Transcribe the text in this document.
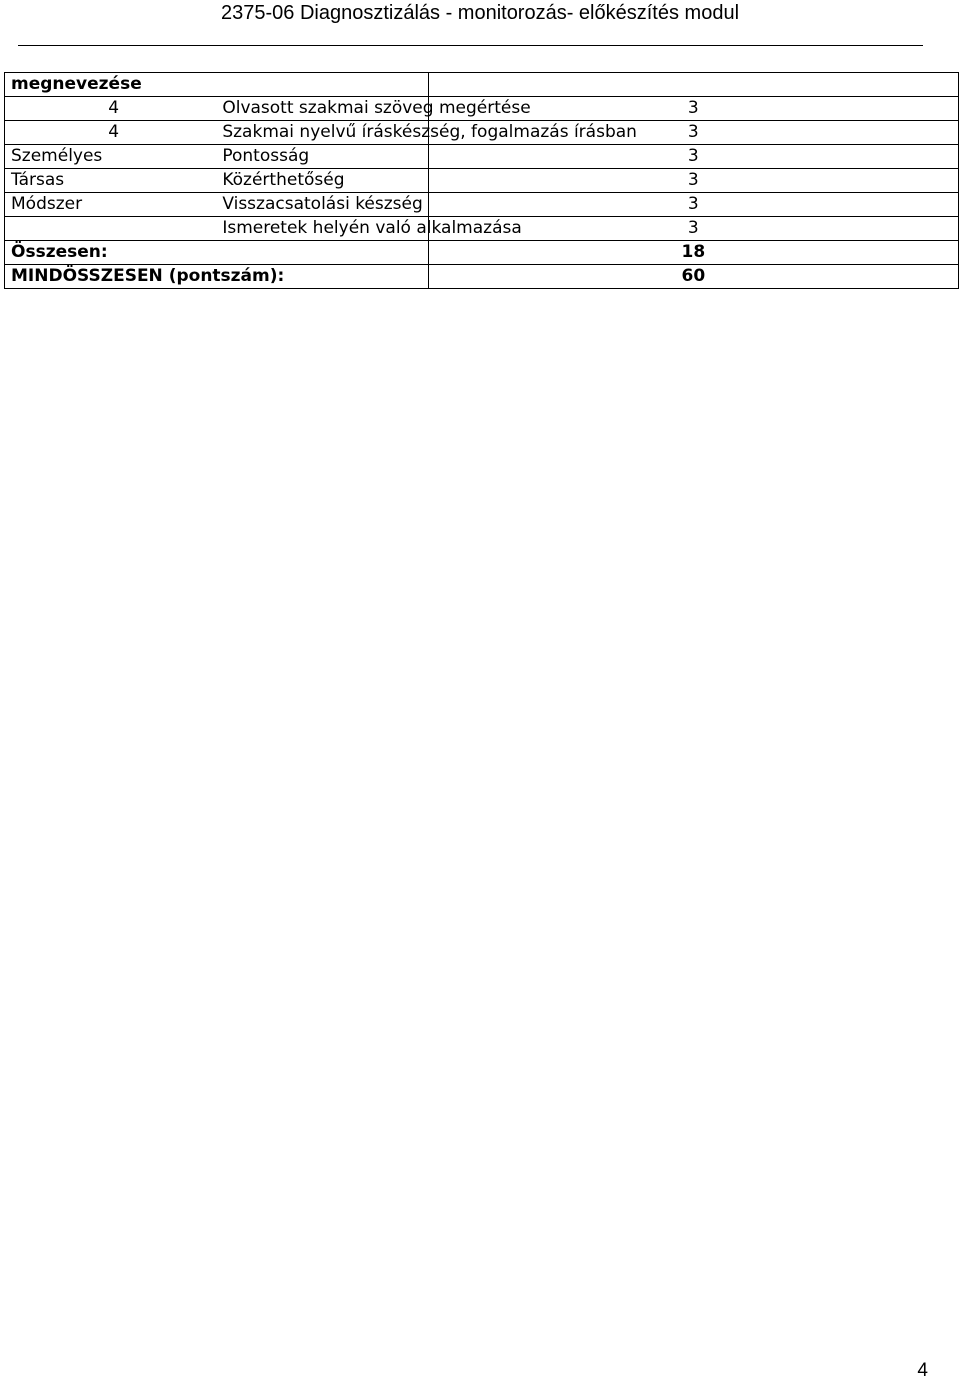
2375-06 Diagnosztizálás - monitorozás- előkészítés modul
megnevezése		
4	Olvasott szakmai szöveg megértése	3
4	Szakmai nyelvű íráskészség, fogalmazás írásban	3
Személyes	Pontosság	3
Társas	Közérthetőség	3
Módszer	Visszacsatolási készség	3
	Ismeretek helyén való alkalmazása	3
Összesen:		18
MINDÖSSZESEN (pontszám):		60
4
